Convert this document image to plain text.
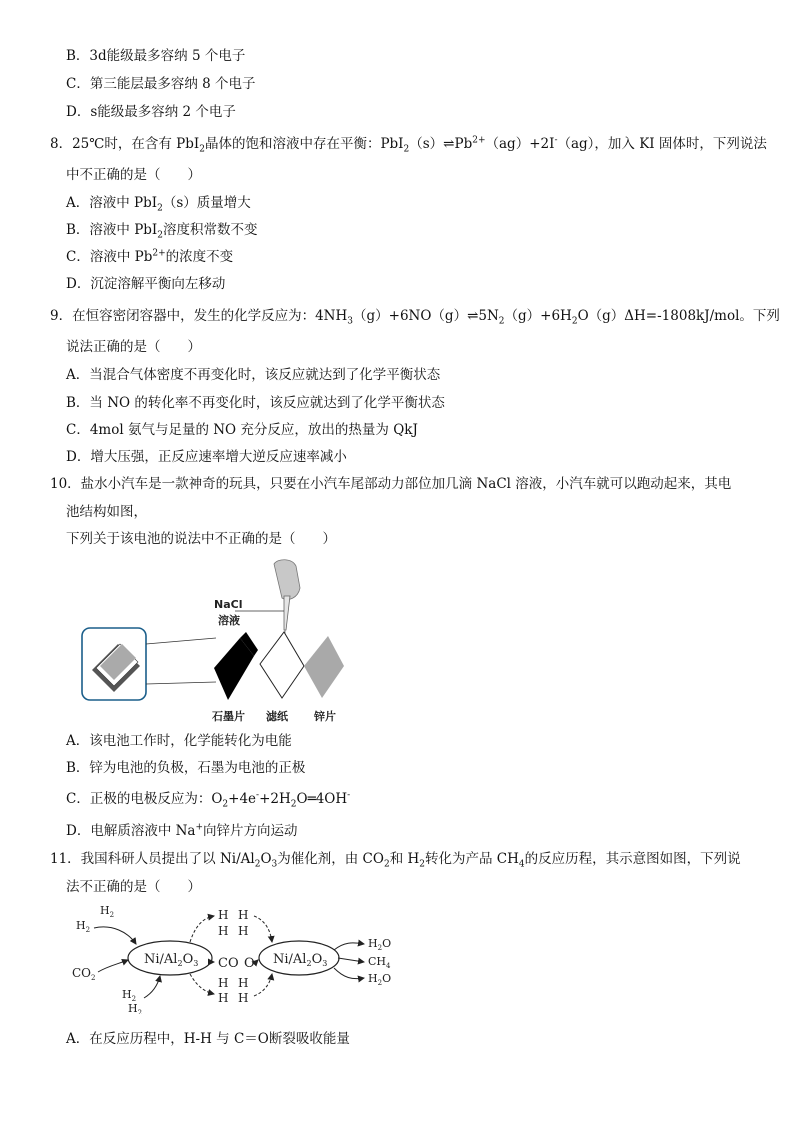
B．3d能级最多容纳 5 个电子
C．第三能层最多容纳 8 个电子
D．s能级最多容纳 2 个电子
8．25℃时，在含有 PbI$_2$晶体的饱和溶液中存在平衡：$PbI_2(s)\rightleftharpoons Pb^{2+}(ag)+2I^-(ag)$，加入 KI 固体时，下列说法
中不正确的是（　　）
A．溶液中 PbI$_2$（s）质量增大
B．溶液中 PbI$_2$溶度积常数不变
C．溶液中 $Pb^{2+}$的浓度不变
D．沉淀溶解平衡向左移动
9．在恒容密闭容器中，发生的化学反应为：$4NH_3(g)+6NO(g)\rightleftharpoons 5N_2(g)+6H_2O(g)\Delta H=-1808kJ$/mol。下列
说法正确的是（　　）
A．当混合气体密度不再变化时，该反应就达到了化学平衡状态
B．当 NO 的转化率不再变化时，该反应就达到了化学平衡状态
C．4mol 氨气与足量的 NO 充分反应，放出的热量为 QkJ
D．增大压强，正反应速率增大逆反应速率减小
10．盐水小汽车是一款神奇的玩具，只要在小汽车尾部动力部位加几滴 NaCl 溶液，小汽车就可以跑动起来，其电
池结构如图，
下列关于该电池的说法中不正确的是（　　）
NaCl
溶液
石墨片 滤纸 锌片
A．该电池工作时，化学能转化为电能
B．锌为电池的负极，石墨为电池的正极
C．正极的电极反应为：$O_2+4e^-+2H_2O═4OH^-$
D．电解质溶液中 Na+向锌片方向运动
11．我国科研人员提出了以 $Ni/Al_2O_3$为催化剂，由 $CO_2$和 $H_2$转化为产品 $CH_4$的反应历程，其示意图如图，下列说
法不正确的是（　　）
$Ni/Al_2O_3$	$Ni/Al_2O_3$
$H_2$
$H_2$
$CO_2$
$H_2$
$H_2$
H H
H H
CO O
H H
H H
$H_2O$
$CH_4$
$H_2O$
A．在反应历程中，H-H 与 C＝O断裂吸收能量
